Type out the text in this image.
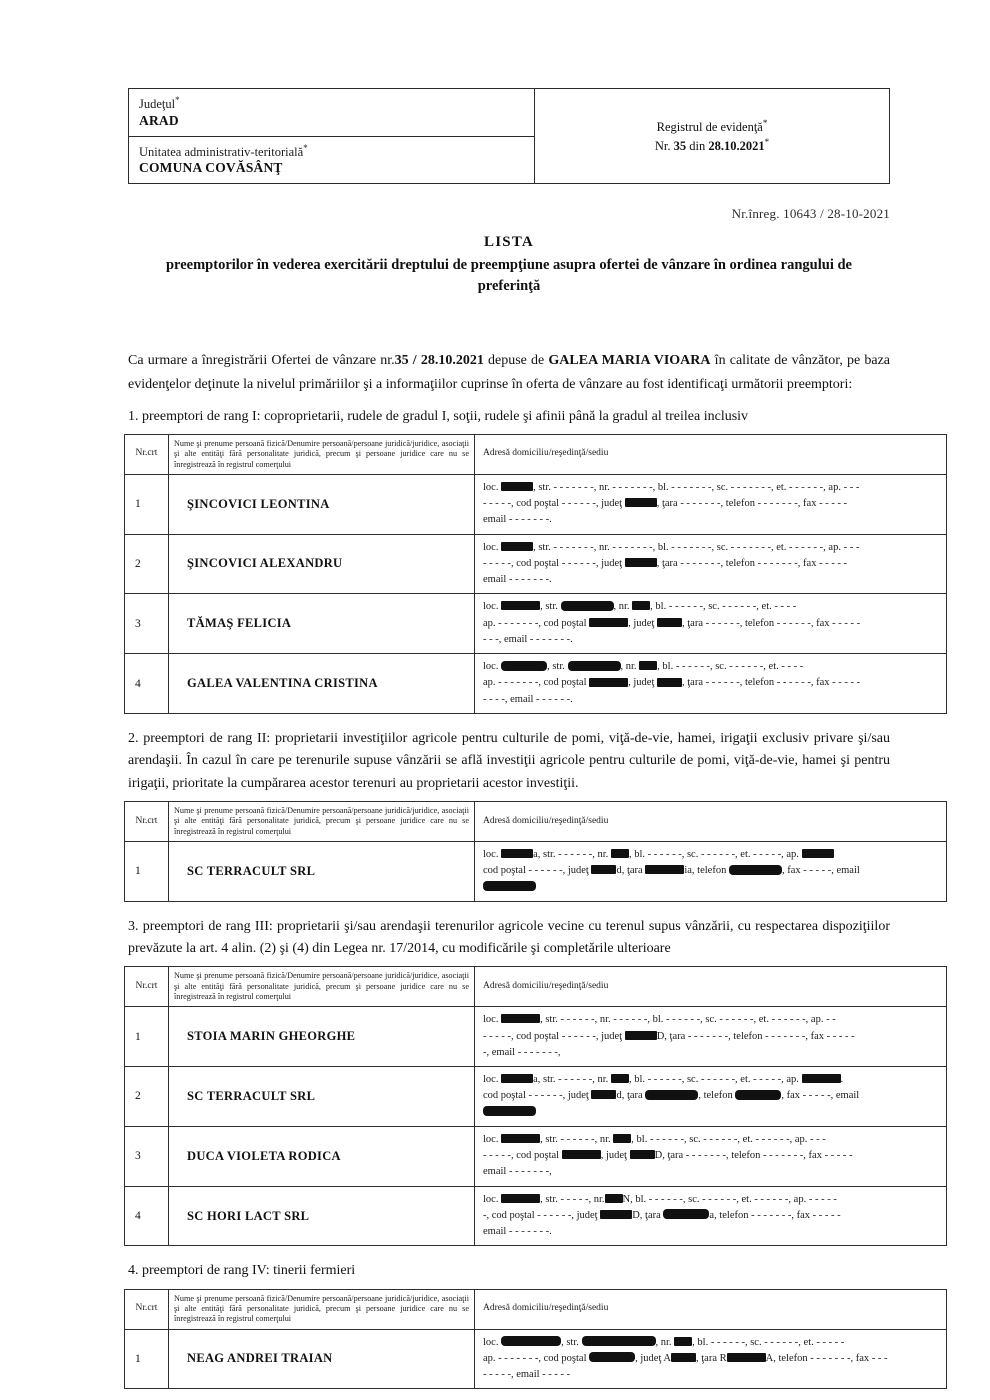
Judeţul*
ARAD
Unitatea administrativ-teritorială*
COMUNA COVĂSÂNŢ
Registrul de evidenţă*
Nr. 35 din 28.10.2021*
Nr.înreg. 10643 / 28-10-2021
LISTA
preemptorilor în vederea exercitării dreptului de preempţiune asupra ofertei de vânzare în ordinea rangului de preferinţă
Ca urmare a înregistrării Ofertei de vânzare nr.35 / 28.10.2021 depuse de GALEA MARIA VIOARA în calitate de vânzător, pe baza evidenţelor deţinute la nivelul primăriilor şi a informaţiilor cuprinse în oferta de vânzare au fost identificaţi următorii preemptori:
1. preemptori de rang I: coproprietarii, rudele de gradul I, soţii, rudele şi afinii până la gradul al treilea inclusiv
Nr.crt	Nume şi prenume persoană fizică/Denumire persoană/persoane juridică/juridice, asociaţii şi alte entităţi fără personalitate juridică, precum şi persoane juridice care nu se înregistrează în registrul comerţului	Adresă domiciliu/reşedinţă/sediu
1	ŞINCOVICI LEONTINA	loc. , str. - - - - - - -, nr. - - - - - - -, bl. - - - - - - -, sc. - - - - - - -, et. - - - - - -, ap. - - -
- - - - -, cod poştal - - - - - -, judeţ , ţara - - - - - - -, telefon - - - - - - -, fax - - - - -
email - - - - - - -.

2	ŞINCOVICI ALEXANDRU	loc. , str. - - - - - - -, nr. - - - - - - -, bl. - - - - - - -, sc. - - - - - - -, et. - - - - - -, ap. - - -
- - - - -, cod poştal - - - - - -, judeţ , ţara - - - - - - -, telefon - - - - - - -, fax - - - - -
email - - - - - - -.

3	TĂMAŞ FELICIA	loc. , str. , nr. , bl. - - - - - -, sc. - - - - - -, et. - - - -
ap. - - - - - - -, cod poştal , judeţ , ţara - - - - - -, telefon - - - - - -, fax - - - - -
- - -, email - - - - - - -.

4	GALEA VALENTINA CRISTINA	loc. , str. , nr. , bl. - - - - - -, sc. - - - - - -, et. - - - -
ap. - - - - - - -, cod poştal , judeţ , ţara - - - - - -, telefon - - - - - -, fax - - - - -
- - - -, email - - - - - -.
2. preemptori de rang II: proprietarii investiţiilor agricole pentru culturile de pomi, viţă-de-vie, hamei, irigaţii exclusiv privare şi/sau arendaşii. În cazul în care pe terenurile supuse vânzării se află investiţii agricole pentru culturile de pomi, viţă-de-vie, hamei şi pentru irigaţii, prioritate la cumpărarea acestor terenuri au proprietarii acestor investiţii.
Nr.crt	Nume şi prenume persoană fizică/Denumire persoană/persoane juridică/juridice, asociaţii şi alte entităţi fără personalitate juridică, precum şi persoane juridice care nu se înregistrează în registrul comerţului	Adresă domiciliu/reşedinţă/sediu
1	SC TERRACULT SRL	loc. a, str. - - - - - -, nr. , bl. - - - - - -, sc. - - - - - -, et. - - - - -, ap.
cod poştal - - - - - -, judeţ d, ţara ia, telefon , fax - - - - -, email
3. preemptori de rang III: proprietarii şi/sau arendaşii terenurilor agricole vecine cu terenul supus vânzării, cu respectarea dispoziţiilor prevăzute la art. 4 alin. (2) şi (4) din Legea nr. 17/2014, cu modificările şi completările ulterioare
Nr.crt	Nume şi prenume persoană fizică/Denumire persoană/persoane juridică/juridice, asociaţii şi alte entităţi fără personalitate juridică, precum şi persoane juridice care nu se înregistrează în registrul comerţului	Adresă domiciliu/reşedinţă/sediu
1	STOIA MARIN GHEORGHE	loc. , str. - - - - - -, nr. - - - - - -, bl. - - - - - -, sc. - - - - - -, et. - - - - - -, ap. - -
- - - - -, cod poştal - - - - - -, judeţ D, ţara - - - - - - -, telefon - - - - - - -, fax - - - - -
-, email - - - - - - -,

2	SC TERRACULT SRL	loc. a, str. - - - - - -, nr. , bl. - - - - - -, sc. - - - - - -, et. - - - - -, ap. .
cod poştal - - - - - -, judeţ d, ţara , telefon , fax - - - - -, email

3	DUCA VIOLETA RODICA	loc. , str. - - - - - -, nr. , bl. - - - - - -, sc. - - - - - -, et. - - - - - -, ap. - - -
- - - - -, cod poştal , judeţ D, ţara - - - - - - -, telefon - - - - - - -, fax - - - - -
email - - - - - - -,

4	SC HORI LACT SRL	loc. , str. - - - - -, nr. N, bl. - - - - - -, sc. - - - - - -, et. - - - - - -, ap. - - - - -
-, cod poştal - - - - - -, judeţ D, ţara a, telefon - - - - - - -, fax - - - - -
email - - - - - - -.
4. preemptori de rang IV: tinerii fermieri
Nr.crt	Nume şi prenume persoană fizică/Denumire persoană/persoane juridică/juridice, asociaţii şi alte entităţi fără personalitate juridică, precum şi persoane juridice care nu se înregistrează în registrul comerţului	Adresă domiciliu/reşedinţă/sediu
1	NEAG ANDREI TRAIAN	loc. , str. , nr. , bl. - - - - - -, sc. - - - - - -, et. - - - - -
ap. - - - - - - -, cod poştal , judeţ A , ţara R A, telefon - - - - - - -, fax - - -
- - - - -, email - - - - -
